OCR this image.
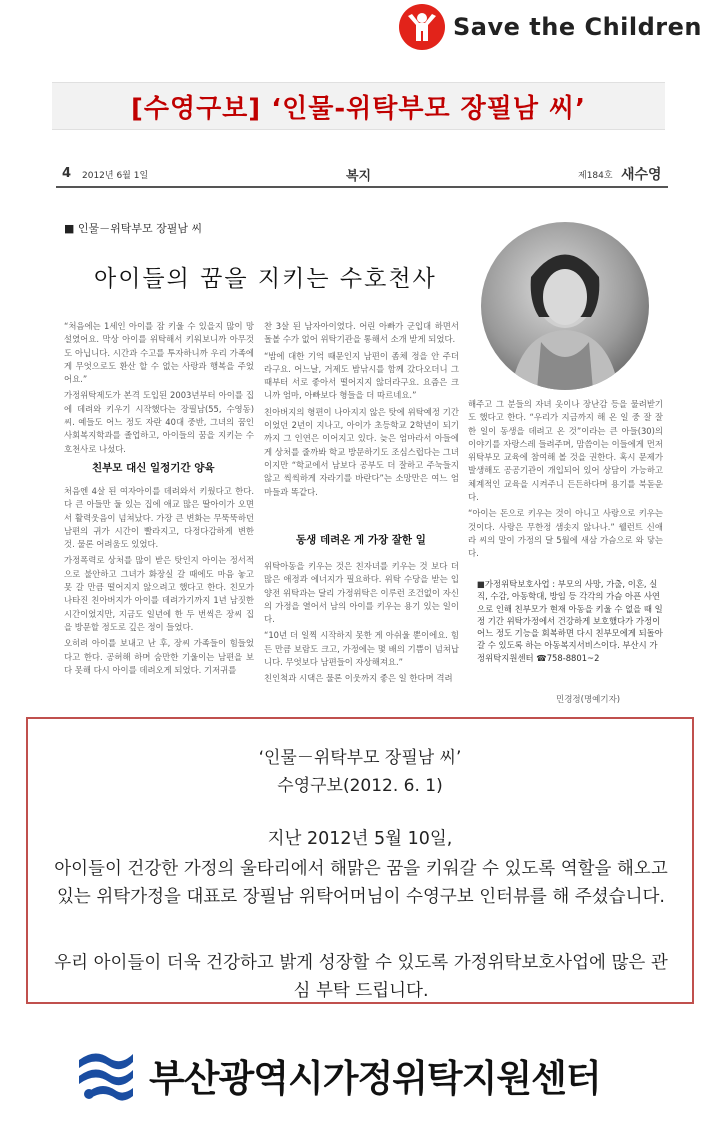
Save the Children
[수영구보] ‘인물-위탁부모 장필남 씨’
4 2012년 6월 1일	복지	제184호 새수영
■ 인물－위탁부모 장필남 씨
아이들의 꿈을 지키는 수호천사

“처음에는 1세인 아이를 잠 키울 수 있을지 많이 망설였어요. 막상 아이를 위탁해서 키워보니까 아무것도 아닙니다. 시간과 수고를 투자하니까 우리 가족에게 무엇으로도 환산 할 수 없는 사랑과 행복을 주었어요.”

가정위탁제도가 본격 도입된 2003년부터 아이를 집에 데려와 키우기 시작했다는 장필남(55, 수영동) 씨. 예들도 어느 정도 자란 40대 중반, 그녀의 꿈인 사회복지학과를 졸업하고, 아이들의 꿈을 지키는 수호천사로 나섰다.

친부모 대신 일정기간 양육

처음엔 4살 된 여자아이를 데려와서 키웠다고 한다. 다 큰 아들만 둘 있는 집에 애교 많은 딸아이가 오면서 활력웃음이 넘쳐났다. 가장 큰 변화는 무뚝뚝하던 남편의 귀가 시간이 빨라지고, 다정다감하게 변한 것. 물론 어려움도 있었다.

가정폭력로 상처를 많이 받은 탓인지 아이는 정서적으로 불안하고 그녀가 화장실 갈 때에도 마음 놓고 못 갈 만큼 떨어지지 않으려고 했다고 한다. 친모가 나타진 친아버지가 아이를 데려가기까지 1년 남짓한 시간이었지만, 지금도 일년에 한 두 번씩은 장씨 집을 방문할 정도로 깊은 정이 들었다.

오히려 아이를 보내고 난 후, 장씨 가족들이 힘들었다고 한다. 공허해 하며 숨만한 기울이는 남편을 보다 못해 다시 아이를 데려오게 되었다. 기저귀를

찬 3살 된 남자아이였다. 어린 아빠가 군입대 하면서 돌볼 수가 없어 위탁기관을 통해서 소개 받게 되었다.

“밤에 대한 기억 때문인지 남편이 좀체 정을 안 주더라구요. 어느날, 거제도 밤낚시를 함께 갔다오더니 그 때부터 서로 좋아서 떨어지지 않더라구요. 요즘은 크니까 엄마, 아빠보다 형들을 더 따르네요.”

친아버지의 형편이 나아지지 않은 탓에 위탁예정 기간이었던 2년이 지나고, 아이가 초등학교 2학년이 되기까지 그 인연은 이어지고 있다. 늦은 엄마라서 아들에게 상처를 줄까봐 학교 방문하기도 조심스럽다는 그녀이지만 “학교에서 남보다 공부도 더 잘하고 주눅들지 않고 씩씩하게 자라기를 바란다”는 소망만은 여느 엄마들과 똑같다.

동생 데려온 게 가장 잘한 일

위탁아동을 키우는 것은 친자녀를 키우는 것 보다 더 많은 애정과 에너지가 필요하다. 위탁 수당을 받는 입양전 위탁과는 달리 가정위탁은 이루런 조건없이 자신의 가정을 열어서 남의 아이를 키우는 용기 있는 일이다.

“10년 더 일찍 시작하지 못한 게 아쉬울 뿐이에요. 힘든 만큼 보람도 크고, 가정에는 몇 배의 기쁨이 넘쳐납니다. 무엇보다 남편들이 자상해져요.”

친인척과 시댁은 물론 이웃까지 좋은 일 한다며 격려

해주고 그 분들의 자녀 옷이나 장난감 등을 물려받기도 했다고 한다. “우리가 지금까지 해 온 일 중 잘 잘한 일이 동생을 데려고 온 것”이라는 큰 아들(30)의 이야기를 자랑스레 들려주며, 맘씀이는 이들에게 먼저 위탁부모 교육에 참여해 볼 것을 권한다. 혹시 문제가 발생해도 공공기관이 개입되어 있어 상담이 가능하고 체계적인 교육을 시켜주니 든든하다며 용기를 북돋운다.

“아이는 돈으로 키우는 것이 아니고 사랑으로 키우는 것이다. 사랑은 무한정 샘솟지 않나나.” 웰런트 신애라 씨의 말이 가정의 달 5월에 새삼 가슴으로 와 닿는다.

■가정위탁보호사업 : 부모의 사망, 가출, 이혼, 실직, 수감, 아동학대, 방임 등 각각의 가슴 아픈 사연으로 인해 친부모가 현재 아동을 키울 수 없을 때 일정 기간 위탁가정에서 건강하게 보호했다가 가정이 어느 정도 기능을 회복하면 다시 친부모에게 되돌아 갈 수 있도록 하는 아동복지서비스이다. 부산시 가정위탁지원센터 ☎758-8801~2
민경정(명예기자)
‘인물－위탁부모 장필남 씨’
수영구보(2012. 6. 1)
지난 2012년 5월 10일,
아이들이 건강한 가정의 울타리에서 해맑은 꿈을 키워갈 수 있도록 역할을 해오고 있는 위탁가정을 대표로 장필남 위탁어머님이 수영구보 인터뷰를 해 주셨습니다.
우리 아이들이 더욱 건강하고 밝게 성장할 수 있도록 가정위탁보호사업에 많은 관심 부탁 드립니다.
부산광역시가정위탁지원센터
